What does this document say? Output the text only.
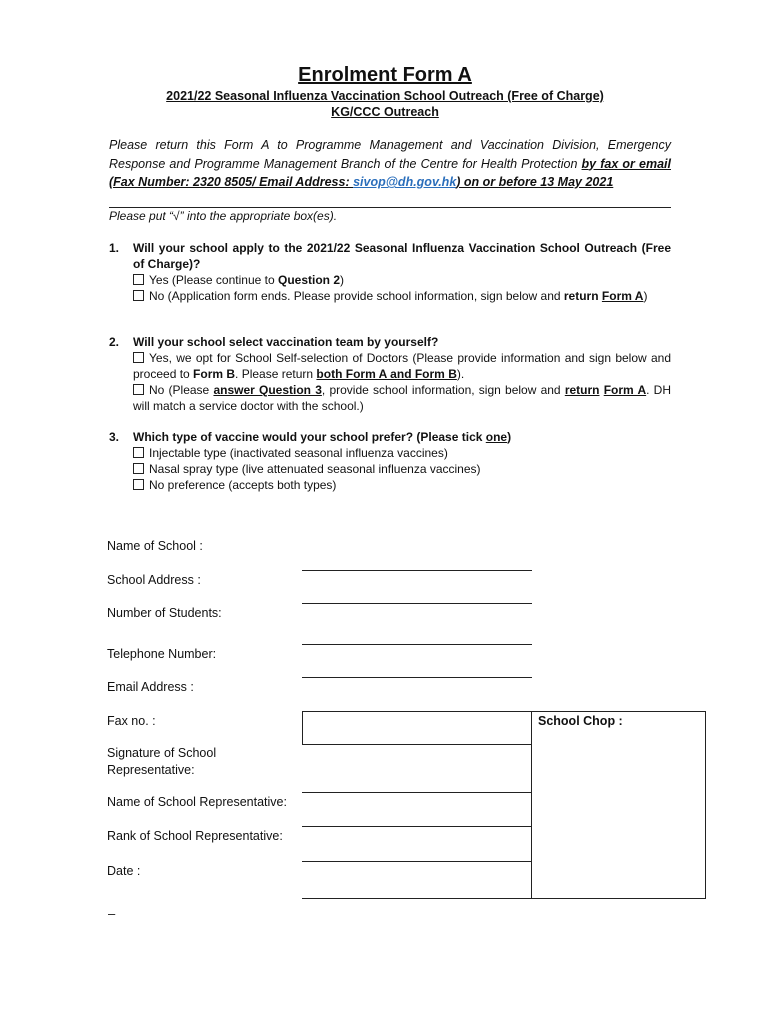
Enrolment Form A
2021/22 Seasonal Influenza Vaccination School Outreach (Free of Charge)
KG/CCC Outreach
Please return this Form A to Programme Management and Vaccination Division, Emergency Response and Programme Management Branch of the Centre for Health Protection by fax or email (Fax Number: 2320 8505/ Email Address: sivop@dh.gov.hk) on or before 13 May 2021
Please put “√” into the appropriate box(es).
1. Will your school apply to the 2021/22 Seasonal Influenza Vaccination School Outreach (Free of Charge)?
Yes (Please continue to Question 2)
No (Application form ends. Please provide school information, sign below and return Form A)
2. Will your school select vaccination team by yourself?
Yes, we opt for School Self-selection of Doctors (Please provide information and sign below and proceed to Form B. Please return both Form A and Form B).
No (Please answer Question 3, provide school information, sign below and return Form A. DH will match a service doctor with the school.)
3. Which type of vaccine would your school prefer? (Please tick one)
Injectable type (inactivated seasonal influenza vaccines)
Nasal spray type (live attenuated seasonal influenza vaccines)
No preference (accepts both types)
Name of School :
School Address :
Number of Students:
Telephone Number:
Email Address :
Fax no. :
Signature of School
Representative:
Name of School Representative:
Rank of School Representative:
Date :
School Chop :
–
